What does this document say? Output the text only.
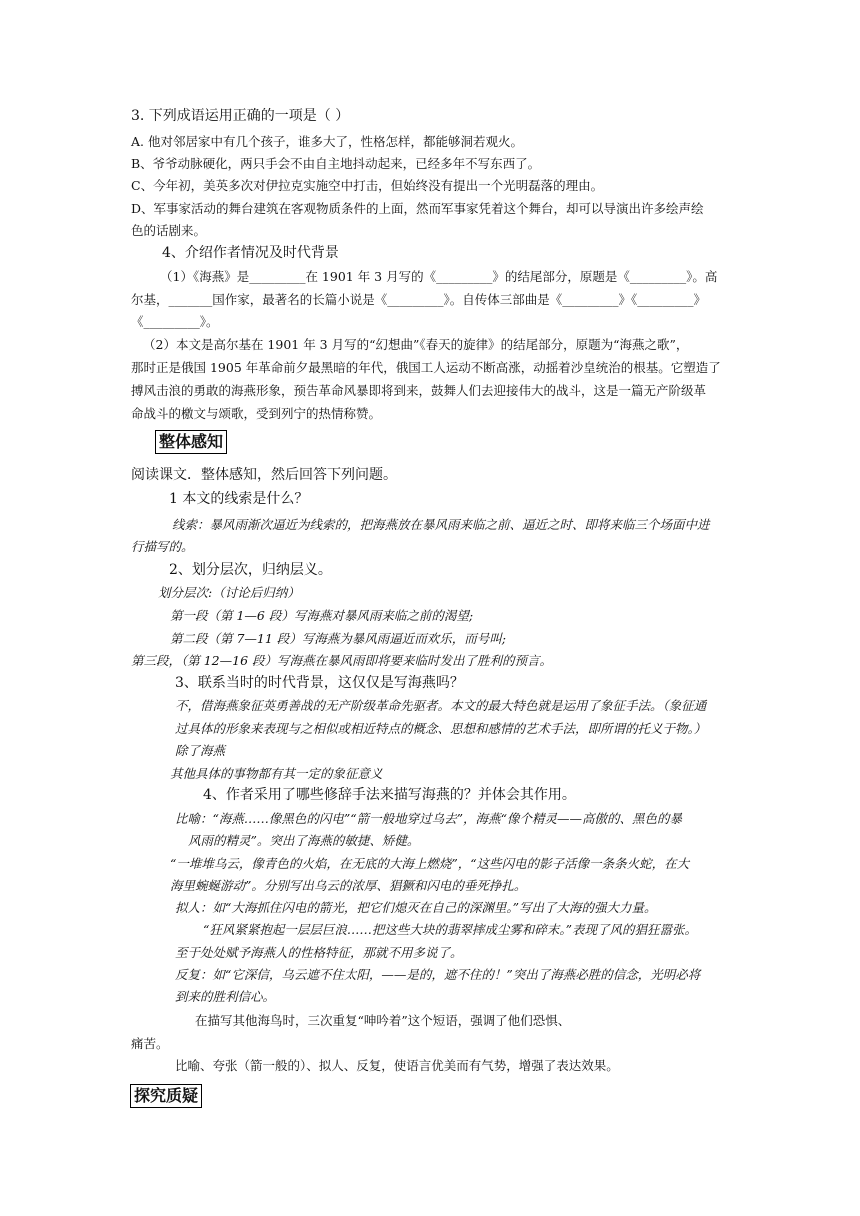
3. 下列成语运用正确的一项是（ ）
A. 他对邻居家中有几个孩子，谁多大了，性格怎样，都能够洞若观火。
B、爷爷动脉硬化，两只手会不由自主地抖动起来，已经多年不写东西了。
C、今年初，美英多次对伊拉克实施空中打击，但始终没有提出一个光明磊落的理由。
D、军事家活动的舞台建筑在客观物质条件的上面，然而军事家凭着这个舞台，却可以导演出许多绘声绘
色的话剧来。
4、介绍作者情况及时代背景
（1）《海燕》是_________在 1901 年 3 月写的《_________》的结尾部分，原题是《_________》。高
尔基，_______国作家，最著名的长篇小说是《_________》。自传体三部曲是《_________》《_________》
《_________》。
（2）本文是高尔基在 1901 年 3 月写的“幻想曲”《春天的旋律》的结尾部分，原题为“海燕之歌”，
那时正是俄国 1905 年革命前夕最黑暗的年代，俄国工人运动不断高涨，动摇着沙皇统治的根基。它塑造了
搏风击浪的勇敢的海燕形象，预告革命风暴即将到来，鼓舞人们去迎接伟大的战斗，这是一篇无产阶级革
命战斗的檄文与颂歌，受到列宁的热情称赞。
整体感知
阅读课文．整体感知，然后回答下列问题。
1 本文的线索是什么？
线索：暴风雨渐次逼近为线索的，把海燕放在暴风雨来临之前、逼近之时、即将来临三个场面中进
行描写的。
2、划分层次，归纳层义。
划分层次:（讨论后归纳）
第一段（第 1—6 段）写海燕对暴风雨来临之前的渴望;
第二段（第 7—11 段）写海燕为暴风雨逼近而欢乐，而号叫;
第三段，（第 12—16 段）写海燕在暴风雨即将要来临时发出了胜利的预言。
3、联系当时的时代背景，这仅仅是写海燕吗？
不，借海燕象征英勇善战的无产阶级革命先驱者。本文的最大特色就是运用了象征手法。（象征通
过具体的形象来表现与之相似或相近特点的概念、思想和感情的艺术手法，即所谓的托义于物。）
除了海燕
其他具体的事物都有其一定的象征意义
4、作者采用了哪些修辞手法来描写海燕的？并体会其作用。
比喻：“海燕……像黑色的闪电”“箭一般地穿过乌去”，海燕“像个精灵——高傲的、黑色的暴
风雨的精灵”。突出了海燕的敏捷、矫健。
“一堆堆乌云，像青色的火焰，在无底的大海上燃烧”，“这些闪电的影子活像一条条火蛇，在大
海里蜿蜒游动”。分别写出乌云的浓厚、猖獗和闪电的垂死挣扎。
拟人：如“大海抓住闪电的箭光，把它们熄灭在自己的深渊里。”写出了大海的强大力量。
“狂风紧紧抱起一层层巨浪……把这些大块的翡翠摔成尘雾和碎末。”表现了风的猖狂嚣张。
至于处处赋予海燕人的性格特征，那就不用多说了。
反复：如“它深信，乌云遮不住太阳，——是的，遮不住的！”突出了海燕必胜的信念，光明必将
到来的胜利信心。
在描写其他海鸟时，三次重复“呻吟着”这个短语，强调了他们恐惧、
痛苦。
比喻、夸张（箭一般的）、拟人、反复，使语言优美而有气势，增强了表达效果。
探究质疑
